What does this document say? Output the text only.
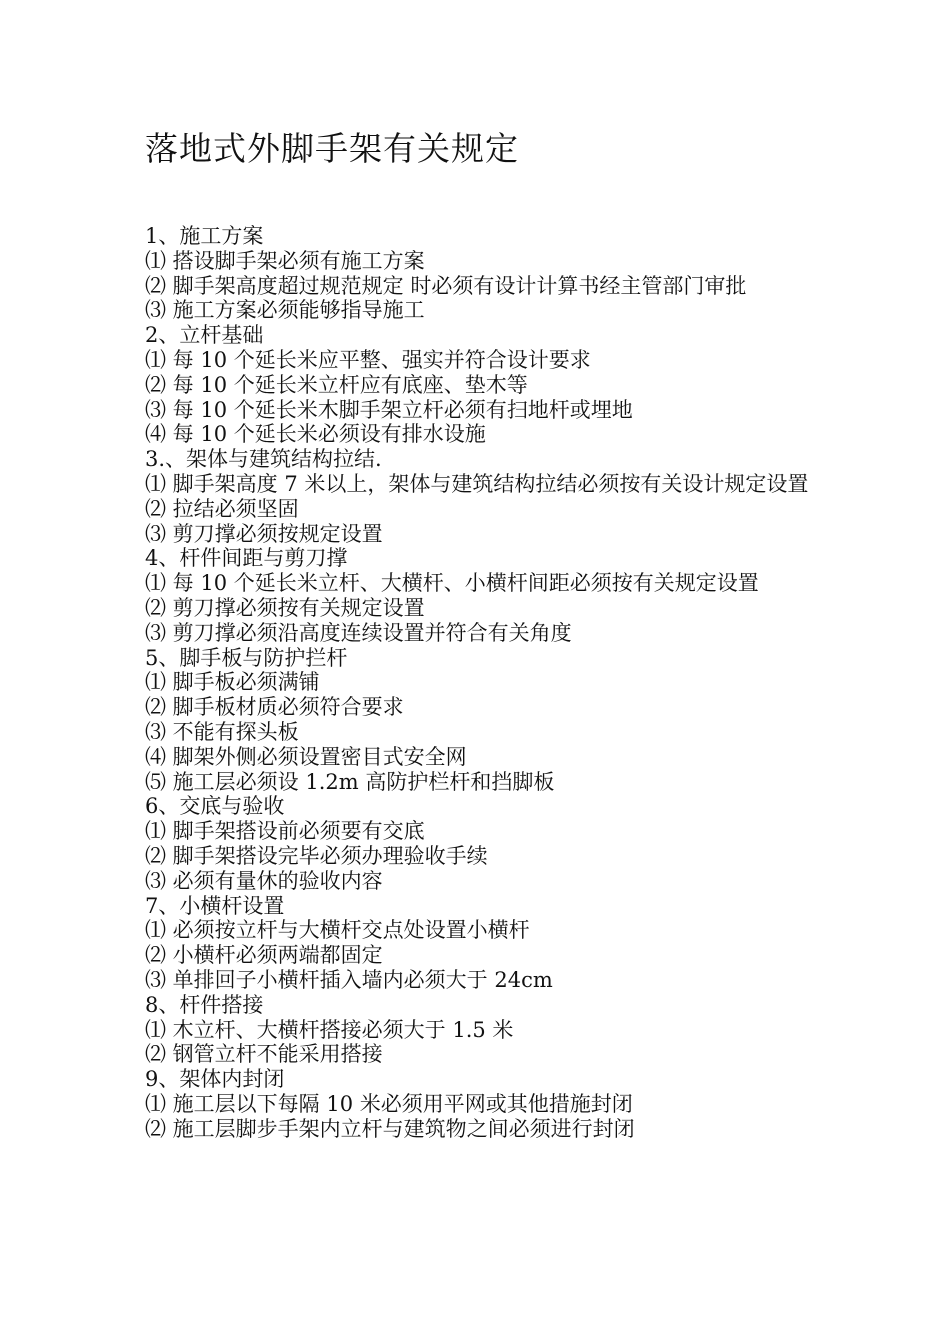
落地式外脚手架有关规定

1、施工方案

⑴ 搭设脚手架必须有施工方案

⑵ 脚手架高度超过规范规定 时必须有设计计算书经主管部门审批

⑶ 施工方案必须能够指导施工

2、立杆基础

⑴ 每 10 个延长米应平整、强实并符合设计要求

⑵ 每 10 个延长米立杆应有底座、垫木等

⑶ 每 10 个延长米木脚手架立杆必须有扫地杆或埋地

⑷ 每 10 个延长米必须设有排水设施

3.、架体与建筑结构拉结.

⑴ 脚手架高度 7 米以上，架体与建筑结构拉结必须按有关设计规定设置

⑵ 拉结必须坚固

⑶ 剪刀撑必须按规定设置

4、杆件间距与剪刀撑

⑴ 每 10 个延长米立杆、大横杆、小横杆间距必须按有关规定设置

⑵ 剪刀撑必须按有关规定设置

⑶ 剪刀撑必须沿高度连续设置并符合有关角度

5、脚手板与防护拦杆

⑴ 脚手板必须满铺

⑵ 脚手板材质必须符合要求

⑶ 不能有探头板

⑷ 脚架外侧必须设置密目式安全网

⑸ 施工层必须设 1.2m 高防护栏杆和挡脚板

6、交底与验收

⑴ 脚手架搭设前必须要有交底

⑵ 脚手架搭设完毕必须办理验收手续

⑶ 必须有量休的验收内容

7、小横杆设置

⑴ 必须按立杆与大横杆交点处设置小横杆

⑵ 小横杆必须两端都固定

⑶ 单排回子小横杆插入墙内必须大于 24cm

8、杆件搭接

⑴ 木立杆、大横杆搭接必须大于 1.5 米

⑵ 钢管立杆不能采用搭接

9、架体内封闭

⑴ 施工层以下每隔 10 米必须用平网或其他措施封闭

⑵ 施工层脚步手架内立杆与建筑物之间必须进行封闭
